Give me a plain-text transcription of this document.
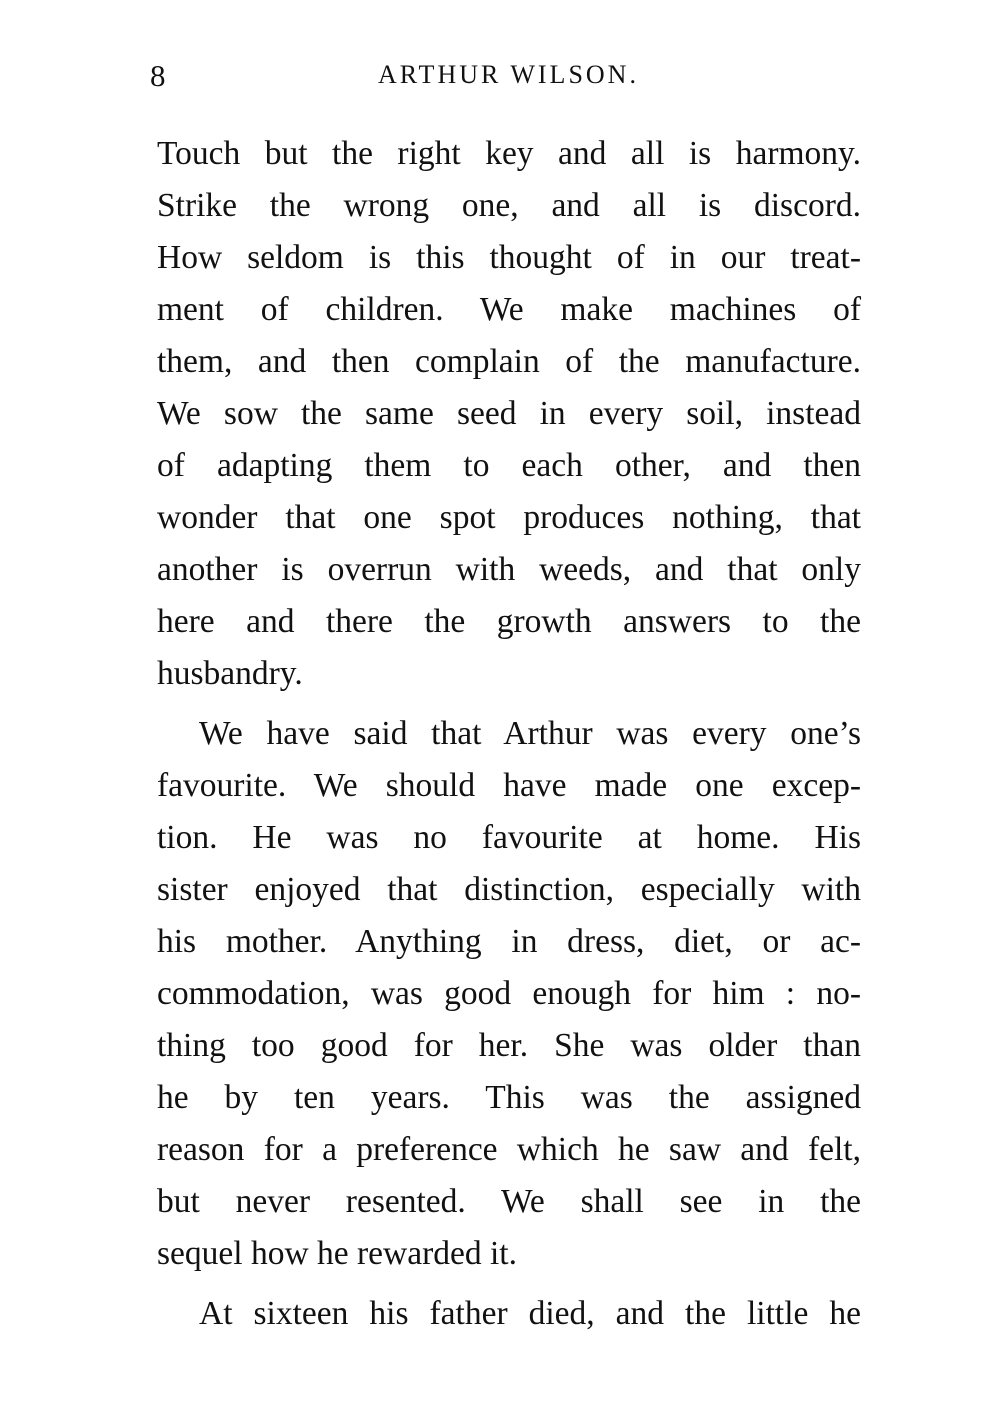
8	ARTHUR WILSON.
Touch but the right key and all is harmony.
Strike the wrong one, and all is discord.
How seldom is this thought of in our treat-
ment of children. We make machines of
them, and then complain of the manufacture.
We sow the same seed in every soil, instead
of adapting them to each other, and then
wonder that one spot produces nothing, that
another is overrun with weeds, and that only
here and there the growth answers to the
husbandry.
We have said that Arthur was every one’s
favourite. We should have made one excep-
tion. He was no favourite at home. His
sister enjoyed that distinction, especially with
his mother. Anything in dress, diet, or ac-
commodation, was good enough for him : no-
thing too good for her. She was older than
he by ten years. This was the assigned
reason for a preference which he saw and felt,
but never resented. We shall see in the
sequel how he rewarded it.
At sixteen his father died, and the little he
